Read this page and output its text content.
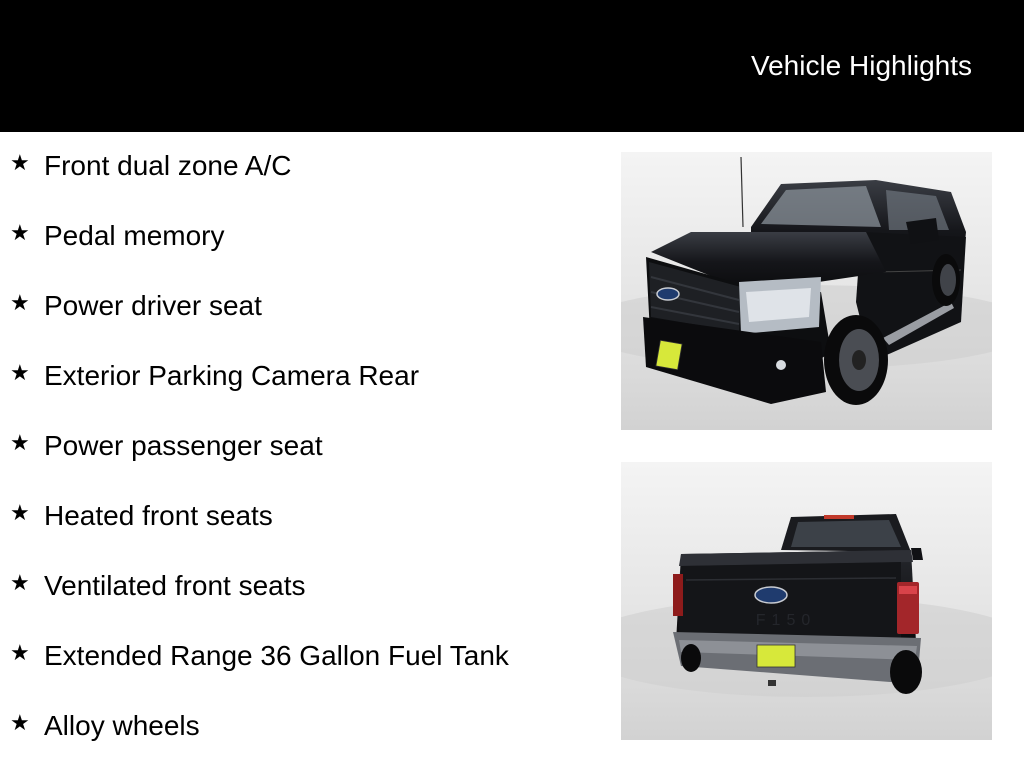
Vehicle Highlights
★ Front dual zone A/C
★ Pedal memory
★ Power driver seat
★ Exterior Parking Camera Rear
★ Power passenger seat
★ Heated front seats
★ Ventilated front seats
★ Extended Range 36 Gallon Fuel Tank
★ Alloy wheels
F150
